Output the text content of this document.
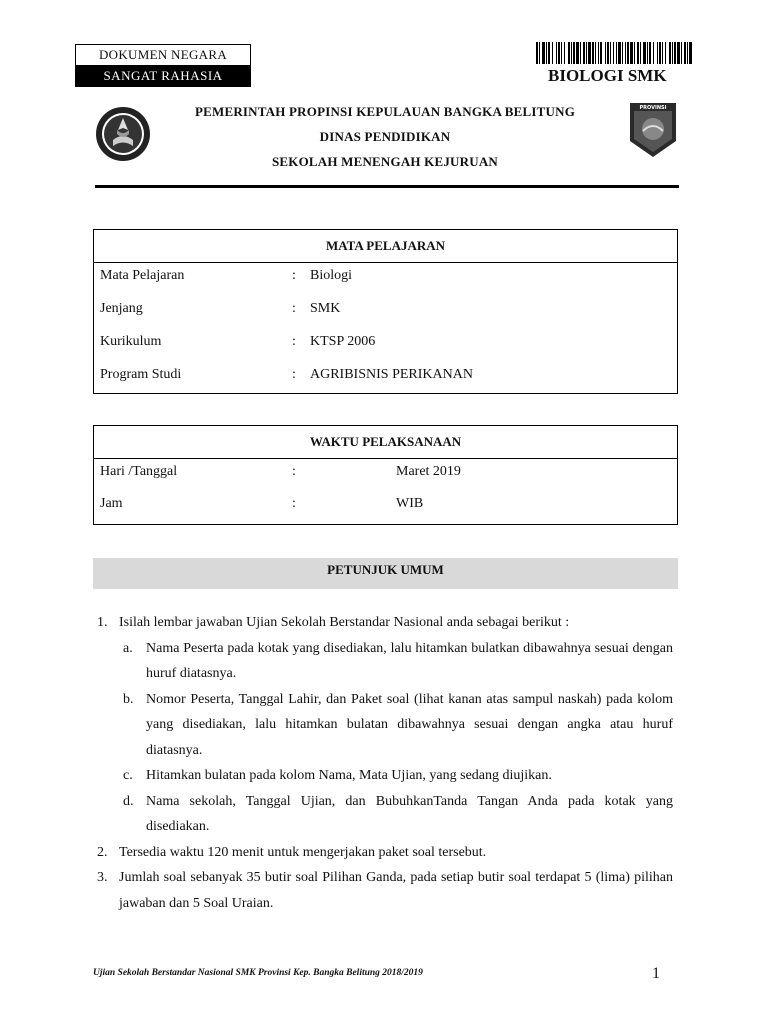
DOKUMEN NEGARA
SANGAT RAHASIA	BIOLOGI SMK
PROVINSI
PEMERINTAH PROPINSI KEPULAUAN BANGKA BELITUNG
DINAS PENDIDIKAN
SEKOLAH MENENGAH KEJURUAN
MATA PELAJARAN
Mata Pelajaran	: Biologi
Jenjang	: SMK
Kurikulum	: KTSP 2006
Program Studi	: AGRIBISNIS PERIKANAN
WAKTU PELAKSANAAN
Hari /Tanggal	:	Maret 2019
Jam	:	WIB
PETUNJUK UMUM
1. Isilah lembar jawaban Ujian Sekolah Berstandar Nasional anda sebagai berikut :
a. Nama Peserta pada kotak yang disediakan, lalu hitamkan bulatkan dibawahnya sesuai dengan huruf diatasnya.
b. Nomor Peserta, Tanggal Lahir, dan Paket soal (lihat kanan atas sampul naskah) pada kolom yang disediakan, lalu hitamkan bulatan dibawahnya sesuai dengan angka atau huruf diatasnya.
c. Hitamkan bulatan pada kolom Nama, Mata Ujian, yang sedang diujikan.
d. Nama sekolah, Tanggal Ujian, dan BubuhkanTanda Tangan Anda pada kotak yang disediakan.
2. Tersedia waktu 120 menit untuk mengerjakan paket soal tersebut.
3. Jumlah soal sebanyak 35 butir soal Pilihan Ganda, pada setiap butir soal terdapat 5 (lima) pilihan jawaban dan 5 Soal Uraian.
Ujian Sekolah Berstandar Nasional SMK Provinsi Kep. Bangka Belitung 2018/2019	1
